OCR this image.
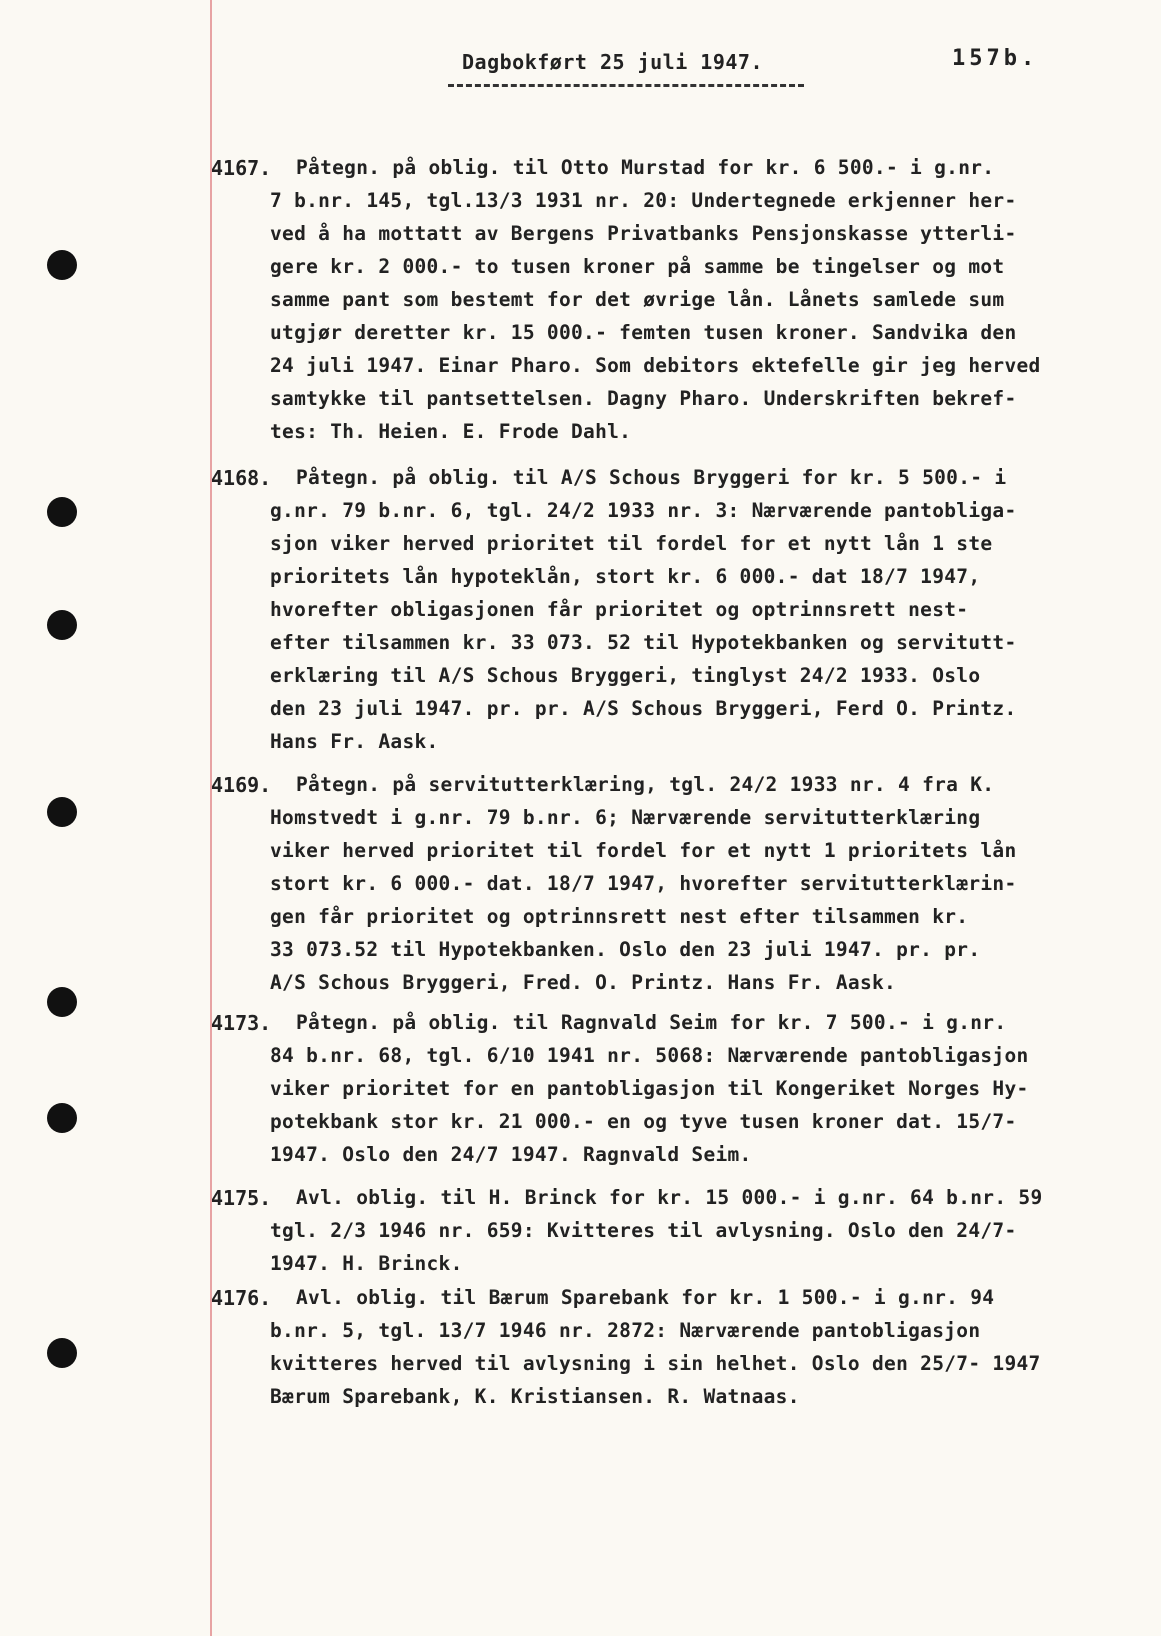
Dagbokført 25 juli 1947.	157b.
4167. Påtegn. på oblig. til Otto Murstad for kr. 6 500.- i g.nr.
7 b.nr. 145, tgl.13/3 1931 nr. 20: Undertegnede erkjenner her-
ved å ha mottatt av Bergens Privatbanks Pensjonskasse ytterli-
gere kr. 2 000.- to tusen kroner på samme be tingelser og mot
samme pant som bestemt for det øvrige lån. Lånets samlede sum
utgjør deretter kr. 15 000.- femten tusen kroner. Sandvika den
24 juli 1947. Einar Pharo. Som debitors ektefelle gir jeg herved
samtykke til pantsettelsen. Dagny Pharo. Underskriften bekref-
tes: Th. Heien. E. Frode Dahl.
4168. Påtegn. på oblig. til A/S Schous Bryggeri for kr. 5 500.- i
g.nr. 79 b.nr. 6, tgl. 24/2 1933 nr. 3: Nærværende pantobliga-
sjon viker herved prioritet til fordel for et nytt lån 1 ste
prioritets lån hypoteklån, stort kr. 6 000.- dat 18/7 1947,
hvorefter obligasjonen får prioritet og optrinnsrett nest-
efter tilsammen kr. 33 073. 52 til Hypotekbanken og servitutt-
erklæring til A/S Schous Bryggeri, tinglyst 24/2 1933. Oslo
den 23 juli 1947. pr. pr. A/S Schous Bryggeri, Ferd O. Printz.
Hans Fr. Aask.
4169. Påtegn. på servitutterklæring, tgl. 24/2 1933 nr. 4 fra K.
Homstvedt i g.nr. 79 b.nr. 6; Nærværende servitutterklæring
viker herved prioritet til fordel for et nytt 1 prioritets lån
stort kr. 6 000.- dat. 18/7 1947, hvorefter servitutterklærin-
gen får prioritet og optrinnsrett nest efter tilsammen kr.
33 073.52 til Hypotekbanken. Oslo den 23 juli 1947. pr. pr.
A/S Schous Bryggeri, Fred. O. Printz. Hans Fr. Aask.
4173. Påtegn. på oblig. til Ragnvald Seim for kr. 7 500.- i g.nr.
84 b.nr. 68, tgl. 6/10 1941 nr. 5068: Nærværende pantobligasjon
viker prioritet for en pantobligasjon til Kongeriket Norges Hy-
potekbank stor kr. 21 000.- en og tyve tusen kroner dat. 15/7-
1947. Oslo den 24/7 1947. Ragnvald Seim.
4175. Avl. oblig. til H. Brinck for kr. 15 000.- i g.nr. 64 b.nr. 59
tgl. 2/3 1946 nr. 659: Kvitteres til avlysning. Oslo den 24/7-
1947. H. Brinck.
4176. Avl. oblig. til Bærum Sparebank for kr. 1 500.- i g.nr. 94
b.nr. 5, tgl. 13/7 1946 nr. 2872: Nærværende pantobligasjon
kvitteres herved til avlysning i sin helhet. Oslo den 25/7- 1947
Bærum Sparebank, K. Kristiansen. R. Watnaas.
